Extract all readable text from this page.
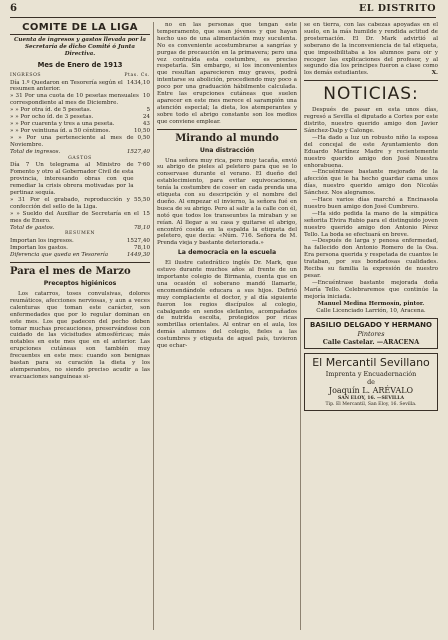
6	EL DISTRITO
COMITE DE LA LIGA
Cuenta de ingresos y gastos llevada por la Secretaría de dicho Comité ó Junta Directiva.
Mes de Enero de 1913
INGRESOS	Ptas. Cs.
Día 1.º Quedaron en Tesorería según el resumen anterior.
1434,10
» 31 Por una cuota de 10 pesetas mensuales correspondiente al mes de Diciembre.
10
» » Por otra íd. de 5 pesetas.	5
» » Por ocho íd. de 3 pesetas.	24
» » Por cuarenta y tres a una peseta.	43
» » Por veintiuna íd. a 50 céntimos.	10,50
» » Por una perteneciente al mes de Noviembre.
0,50
Total de ingresos.	1527,40
GASTOS
Día 7 Un telegrama al Ministro de Fomento y otro al Gobernador Civil de esta provincia, interesando obras con que remediar la crisis obrera motivadas por la pertinaz sequía.
7·60
» 31 Por el grabado, reproducción y confección del sello de la Liga.
55,50
» » Sueldo del Auxiliar de Secretaría en el mes de Enero.
15
Total de gastos.	78,10
RESUMEN
Importan los ingresos.	1527,40
Importan los gastos.	78,10
Diferencia que queda en Tesorería	1449,30
Para el mes de Marzo
Preceptos higiénicos
Los catarros, toses convulsivas, dolores reumáticos, afecciones nerviosas, y aun a veces calenturas que toman este carácter, son enfermedades que por lo regular dominan en este mes. Los que padecen del pecho deben tomar muchas precauciones, preservándose con cuidado de las vicisitudes atmosféricas; más notables en este mes que en el anterior. Las erupciones cutáneas son también muy frecuentes en este mes: cuando son benignas bastan para su curación la dieta y los atemperantes, no siendo preciso acudir a las evacuaciones sanguíneas si-
no en las personas que tengan este temperamento, que sean jóvenes y que hayan hecho uso de una alimentación muy suculenta. No es conveniente acostumbrarse a sangrías y purgas de precaución en la primavera; pero una vez contraída esta costumbre, es preciso respetarla. Sin embargo, si los inconvenientes que resultan aparecieren muy graves, podrá intentarse su abolición, procediendo muy poco a poco por una graduación hábilmente calculada. Entre las erupciones cutáneas que suelen aparecer en este mes merece el sarampión una atención especial; la dieta, los atemperantes y sobre todo el abrigo constante son los medios que conviene emplear.
Mirando al mundo
Una distracción
Una señora muy rica, pero muy tacaña, envió su abrigo de pieles al peletero para que se lo conservase durante el verano. El dueño del establecimiento, para evitar equivocaciones, tenía la costumbre de coser en cada prenda una etiqueta con su descripción y el nombre del dueño. Al empezar el invierno, la señora fué en busca de su abrigo. Pero al salir a la calle con él, notó que todos los transeuntes la miraban y se reían. Al llegar a su casa y quitarse el abrigo, encontró cosida en la espalda la etiqueta del peletero, que decía: «Núm. 716. Señora de M. Prenda vieja y bastante deteriorada.»
La democracia en la escuela
El ilustre catedrático inglés Dr. Mark, que estuvo durante muchos años al frente de un importante colegio de Birmania, cuenta que en una ocasión el soberano mandó llamarle, encomendándole educara a sus hijos. Defirió muy complaciente el doctor, y al día siguiente fueron los regios discípulos al colegio, cabalgando en sendos elefantes, acompañados de nutrida escolta, protegidos por ricas sombrillas orientales. Al entrar en el aula, los demás alumnos del colegio, fieles a las costumbres y etiqueta de aquel país, tuvieron que echar-
se en tierra, con las cabezas apoyadas en el suelo, en la más humilde y rendida actitud de prosternación. El Dr. Mark advirtió al soberano de la inconveniencia de tal etiqueta, que imposibilitaba a los alumnos para oir y recoger las explicaciones del profesor, y al segundo día los príncipes fueron a clase como los demás estudiantes.	X.
NOTICIAS:
Después de pasar en esta unos días, regresó a Sevilla el diputado a Cortes por este distrito, nuestro querido amigo don Javier Sánchez-Dalp y Calonge.
—Ha dado a luz un robusto niño la esposa del concejal de este Ayuntamiento don Eduardo Martínez Madre y recientemente nuestro querido amigo don José Nuestra enhorabuena.
—Encuéntrase bastante mejorado de la afección que le ha hecho guardar cama unos días, nuestro querido amigo don Nicolás Sánchez. Nos alegramos.
—Hace varios días marchó a Encinasola nuestro buen amigo don José Cumbrero.
—Ha sido pedida la mano de la simpática señorita Elvira Rubio para el distinguido joven nuestro querido amigo don Antonio Pérez Tello. La boda se efectuará en breve.
—Después de larga y penosa enfermedad, ha fallecido don Antonio Romero de la Osa. Era persona querida y respetada de cuantos le trataban, por sus bondadosas cualidades. Reciba su familia la expresión de nuestro pesar.
—Encuéntrase bastante mejorada doña María Tello. Celebraremos que continúe la mejoría iniciada.
Manuel Medina Hermosín, pintor.
Calle Licenciado Larrión, 10, Aracena.
BASILIO DELGADO Y HERMANO
Pintores
Calle Castelar. —ARACENA
El Mercantil Sevillano
Imprenta y Encuadernación
de
Joaquín L. ARÉVALO
SAN ELOY, 16. —SEVILLA
Tip. El Mercantil, San Eloy, 16. Sevilla.
